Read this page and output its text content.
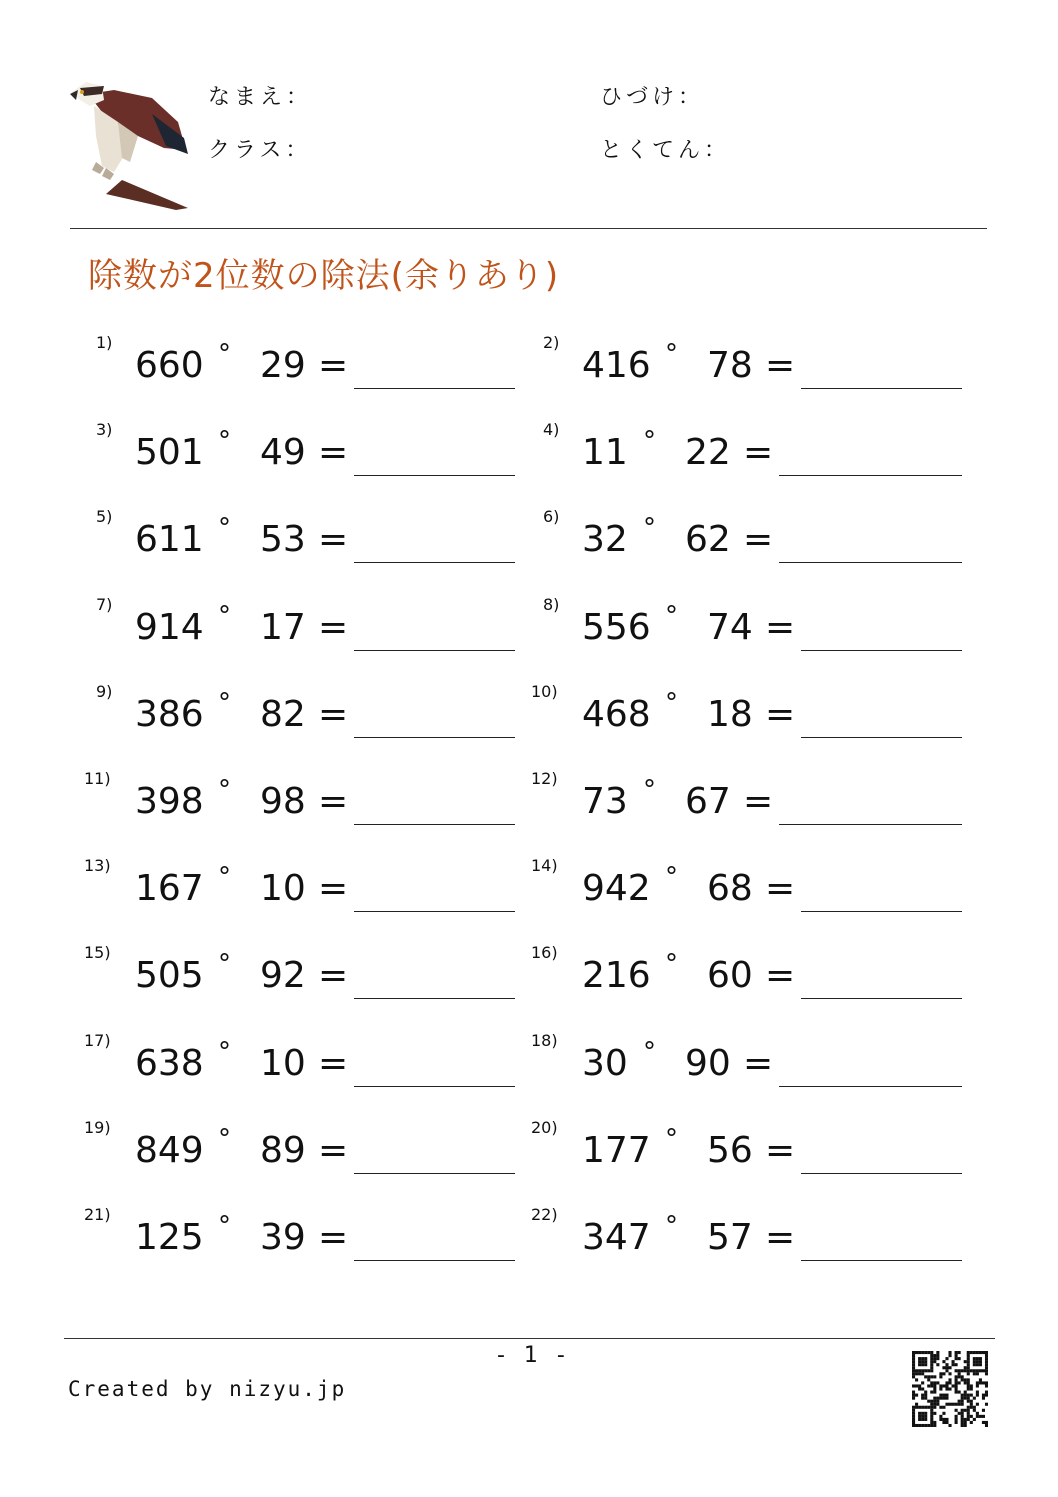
なまえ：	ひづけ：
クラス：	とくてん：
除数が2位数の除法(余りあり)
1)
660 ° 29 =
2)
416 ° 78 =
3)
501 ° 49 =
4)
11 ° 22 =
5)
611 ° 53 =
6)
32 ° 62 =
7)
914 ° 17 =
8)
556 ° 74 =
9)
386 ° 82 =
10)
468 ° 18 =
11)
398 ° 98 =
12)
73 ° 67 =
13)
167 ° 10 =
14)
942 ° 68 =
15)
505 ° 92 =
16)
216 ° 60 =
17)
638 ° 10 =
18)
30 ° 90 =
19)
849 ° 89 =
20)
177 ° 56 =
21)
125 ° 39 =
22)
347 ° 57 =
- 1 -
Created by nizyu.jp
